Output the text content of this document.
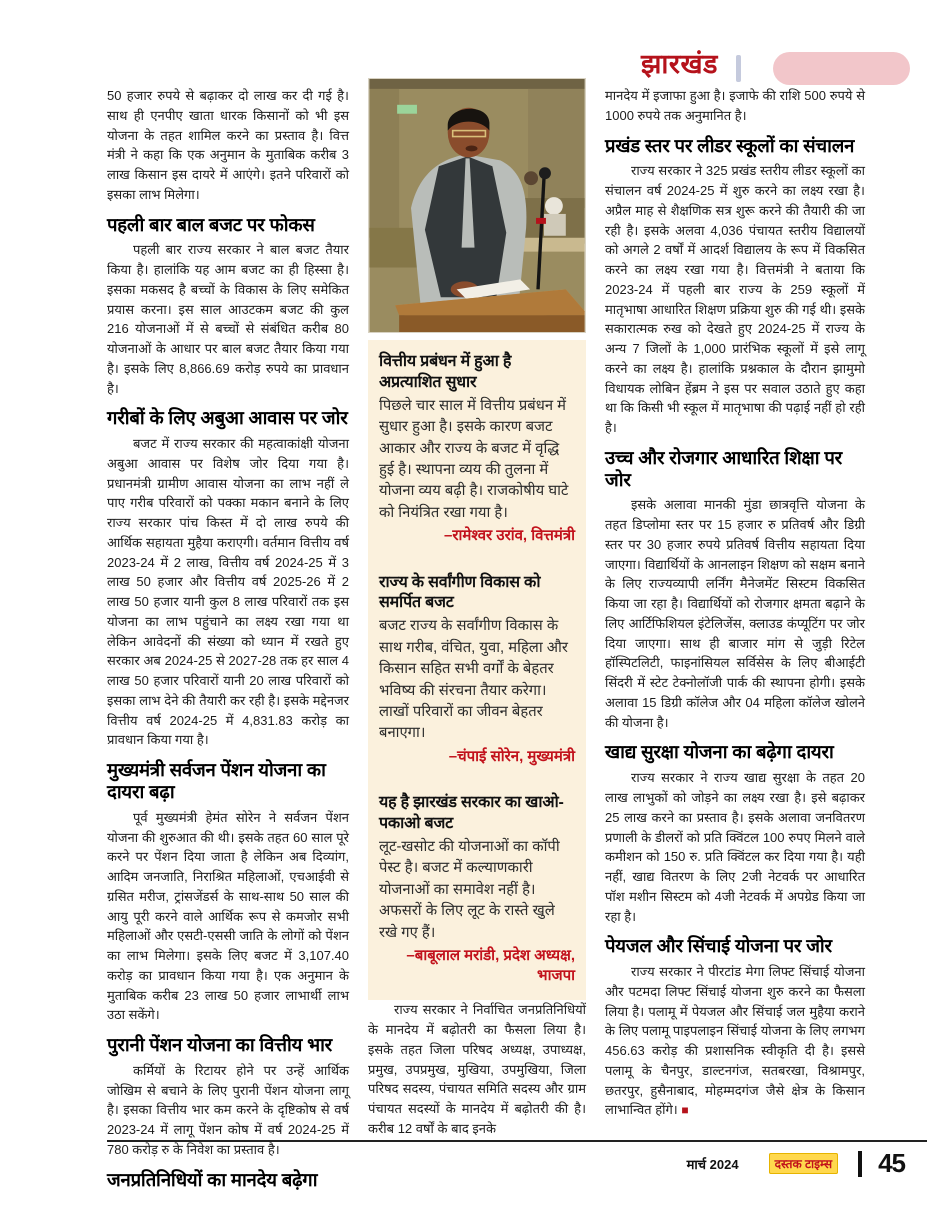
झारखंड

50 हजार रुपये से बढ़ाकर दो लाख कर दी गई है। साथ ही एनपीए खाता धारक किसानों को भी इस योजना के तहत शामिल करने का प्रस्ताव है। वित्त मंत्री ने कहा कि एक अनुमान के मुताबिक करीब 3 लाख किसान इस दायरे में आएंगे। इतने परिवारों को इसका लाभ मिलेगा।

पहली बार बाल बजट पर फोकस

पहली बार राज्य सरकार ने बाल बजट तैयार किया है। हालांकि यह आम बजट का ही हिस्सा है। इसका मकसद है बच्चों के विकास के लिए समेकित प्रयास करना। इस साल आउटकम बजट की कुल 216 योजनाओं में से बच्चों से संबंधित करीब 80 योजनाओं के आधार पर बाल बजट तैयार किया गया है। इसके लिए 8,866.69 करोड़ रुपये का प्रावधान है।

गरीबों के लिए अबुआ आवास पर जोर

बजट में राज्य सरकार की महत्वाकांक्षी योजना अबुआ आवास पर विशेष जोर दिया गया है। प्रधानमंत्री ग्रामीण आवास योजना का लाभ नहीं ले पाए गरीब परिवारों को पक्का मकान बनाने के लिए राज्य सरकार पांच किस्त में दो लाख रुपये की आर्थिक सहायता मुहैया कराएगी। वर्तमान वित्तीय वर्ष 2023-24 में 2 लाख, वित्तीय वर्ष 2024-25 में 3 लाख 50 हजार और वित्तीय वर्ष 2025-26 में 2 लाख 50 हजार यानी कुल 8 लाख परिवारों तक इस योजना का लाभ पहुंचाने का लक्ष्य रखा गया था लेकिन आवेदनों की संख्या को ध्यान में रखते हुए सरकार अब 2024-25 से 2027-28 तक हर साल 4 लाख 50 हजार परिवारों यानी 20 लाख परिवारों को इसका लाभ देने की तैयारी कर रही है। इसके मद्देनजर वित्तीय वर्ष 2024-25 में 4,831.83 करोड़ का प्रावधान किया गया है।

मुख्यमंत्री सर्वजन पेंशन योजना का दायरा बढ़ा

पूर्व मुख्यमंत्री हेमंत सोरेन ने सर्वजन पेंशन योजना की शुरुआत की थी। इसके तहत 60 साल पूरे करने पर पेंशन दिया जाता है लेकिन अब दिव्यांग, आदिम जनजाति, निराश्रित महिलाओं, एचआईवी से ग्रसित मरीज, ट्रांसजेंडर्स के साथ-साथ 50 साल की आयु पूरी करने वाले आर्थिक रूप से कमजोर सभी महिलाओं और एसटी-एससी जाति के लोगों को पेंशन का लाभ मिलेगा। इसके लिए बजट में 3,107.40 करोड़ का प्रावधान किया गया है। एक अनुमान के मुताबिक करीब 23 लाख 50 हजार लाभार्थी लाभ उठा सकेंगे।

पुरानी पेंशन योजना का वित्तीय भार

कर्मियों के रिटायर होने पर उन्हें आर्थिक जोखिम से बचाने के लिए पुरानी पेंशन योजना लागू है। इसका वित्तीय भार कम करने के दृष्टिकोष से वर्ष 2023-24 में लागू पेंशन कोष में वर्ष 2024-25 में 780 करोड़ रु के निवेश का प्रस्ताव है।

जनप्रतिनिधियों का मानदेय बढ़ेगा
वित्तीय प्रबंधन में हुआ है अप्रत्याशित सुधार
पिछले चार साल में वित्तीय प्रबंधन में सुधार हुआ है। इसके कारण बजट आकार और राज्य के बजट में वृद्धि हुई है। स्थापना व्यय की तुलना में योजना व्यय बढ़ी है। राजकोषीय घाटे को नियंत्रित रखा गया है।
–रामेश्वर उरांव, वित्तमंत्री
राज्य के सर्वांगीण विकास को समर्पित बजट
बजट राज्य के सर्वांगीण विकास के साथ गरीब, वंचित, युवा, महिला और किसान सहित सभी वर्गों के बेहतर भविष्य की संरचना तैयार करेगा। लाखों परिवारों का जीवन बेहतर बनाएगा।
–चंपाई सोरेन, मुख्यमंत्री
यह है झारखंड सरकार का खाओ-पकाओ बजट
लूट-खसोट की योजनाओं का कॉपी पेस्ट है। बजट में कल्याणकारी योजनाओं का समावेश नहीं है। अफसरों के लिए लूट के रास्ते खुले रखे गए हैं।
–बाबूलाल मरांडी, प्रदेश अध्यक्ष, भाजपा

राज्य सरकार ने निर्वाचित जनप्रतिनिधियों के मानदेय में बढ़ोतरी का फैसला लिया है। इसके तहत जिला परिषद अध्यक्ष, उपाध्यक्ष, प्रमुख, उपप्रमुख, मुखिया, उपमुखिया, जिला परिषद सदस्य, पंचायत समिति सदस्य और ग्राम पंचायत सदस्यों के मानदेय में बढ़ोतरी की है। करीब 12 वर्षों के बाद इनके

मानदेय में इजाफा हुआ है। इजाफे की राशि 500 रुपये से 1000 रुपये तक अनुमानित है।

प्रखंड स्तर पर लीडर स्कूलों का संचालन

राज्य सरकार ने 325 प्रखंड स्तरीय लीडर स्कूलों का संचालन वर्ष 2024-25 में शुरु करने का लक्ष्य रखा है। अप्रैल माह से शैक्षणिक सत्र शुरू करने की तैयारी की जा रही है। इसके अलवा 4,036 पंचायत स्तरीय विद्यालयों को अगले 2 वर्षों में आदर्श विद्यालय के रूप में विकसित करने का लक्ष्य रखा गया है। वित्तमंत्री ने बताया कि 2023-24 में पहली बार राज्य के 259 स्कूलों में मातृभाषा आधारित शिक्षण प्रक्रिया शुरु की गई थी। इसके सकारात्मक रुख को देखते हुए 2024-25 में राज्य के अन्य 7 जिलों के 1,000 प्रारंभिक स्कूलों में इसे लागू करने का लक्ष्य है। हालांकि प्रश्नकाल के दौरान झामुमो विधायक लोबिन हेंब्रम ने इस पर सवाल उठाते हुए कहा था कि किसी भी स्कूल में मातृभाषा की पढ़ाई नहीं हो रही है।

उच्च और रोजगार आधारित शिक्षा पर जोर

इसके अलावा मानकी मुंडा छात्रवृत्ति योजना के तहत डिप्लोमा स्तर पर 15 हजार रु प्रतिवर्ष और डिग्री स्तर पर 30 हजार रुपये प्रतिवर्ष वित्तीय सहायता दिया जाएगा। विद्यार्थियों के आनलाइन शिक्षण को सक्षम बनाने के लिए राज्यव्यापी लर्निंग मैनेजमेंट सिस्टम विकसित किया जा रहा है। विद्यार्थियों को रोजगार क्षमता बढ़ाने के लिए आर्टिफिशियल इंटेलिजेंस, क्लाउड कंप्यूटिंग पर जोर दिया जाएगा। साथ ही बाजार मांग से जुड़ी रिटेल हॉस्पिटलिटी, फाइनांसियल सर्विसेस के लिए बीआईटी सिंदरी में स्टेट टेक्नोलॉजी पार्क की स्थापना होगी। इसके अलावा 15 डिग्री कॉलेज और 04 महिला कॉलेज खोलने की योजना है।

खाद्य सुरक्षा योजना का बढ़ेगा दायरा

राज्य सरकार ने राज्य खाद्य सुरक्षा के तहत 20 लाख लाभुकों को जोड़ने का लक्ष्य रखा है। इसे बढ़ाकर 25 लाख करने का प्रस्ताव है। इसके अलावा जनवितरण प्रणाली के डीलरों को प्रति क्विंटल 100 रुपए मिलने वाले कमीशन को 150 रु. प्रति क्विंटल कर दिया गया है। यही नहीं, खाद्य वितरण के लिए 2जी नेटवर्क पर आधारित पॉश मशीन सिस्टम को 4जी नेटवर्क में अपग्रेड किया जा रहा है।

पेयजल और सिंचाई योजना पर जोर

राज्य सरकार ने पीरटांड मेगा लिफ्ट सिंचाई योजना और पटमदा लिफ्ट सिंचाई योजना शुरु करने का फैसला लिया है। पलामू में पेयजल और सिंचाई जल मुहैया कराने के लिए पलामू पाइपलाइन सिंचाई योजना के लिए लगभग 456.63 करोड़ की प्रशासनिक स्वीकृति दी है। इससे पलामू के चैनपुर, डाल्टनगंज, सतबरखा, विश्रामपुर, छतरपुर, हुसैनाबाद, मोहम्मदगंज जैसे क्षेत्र के किसान लाभान्वित होंगे। ■

मार्च 2024	दस्तक टाइम्स 45
